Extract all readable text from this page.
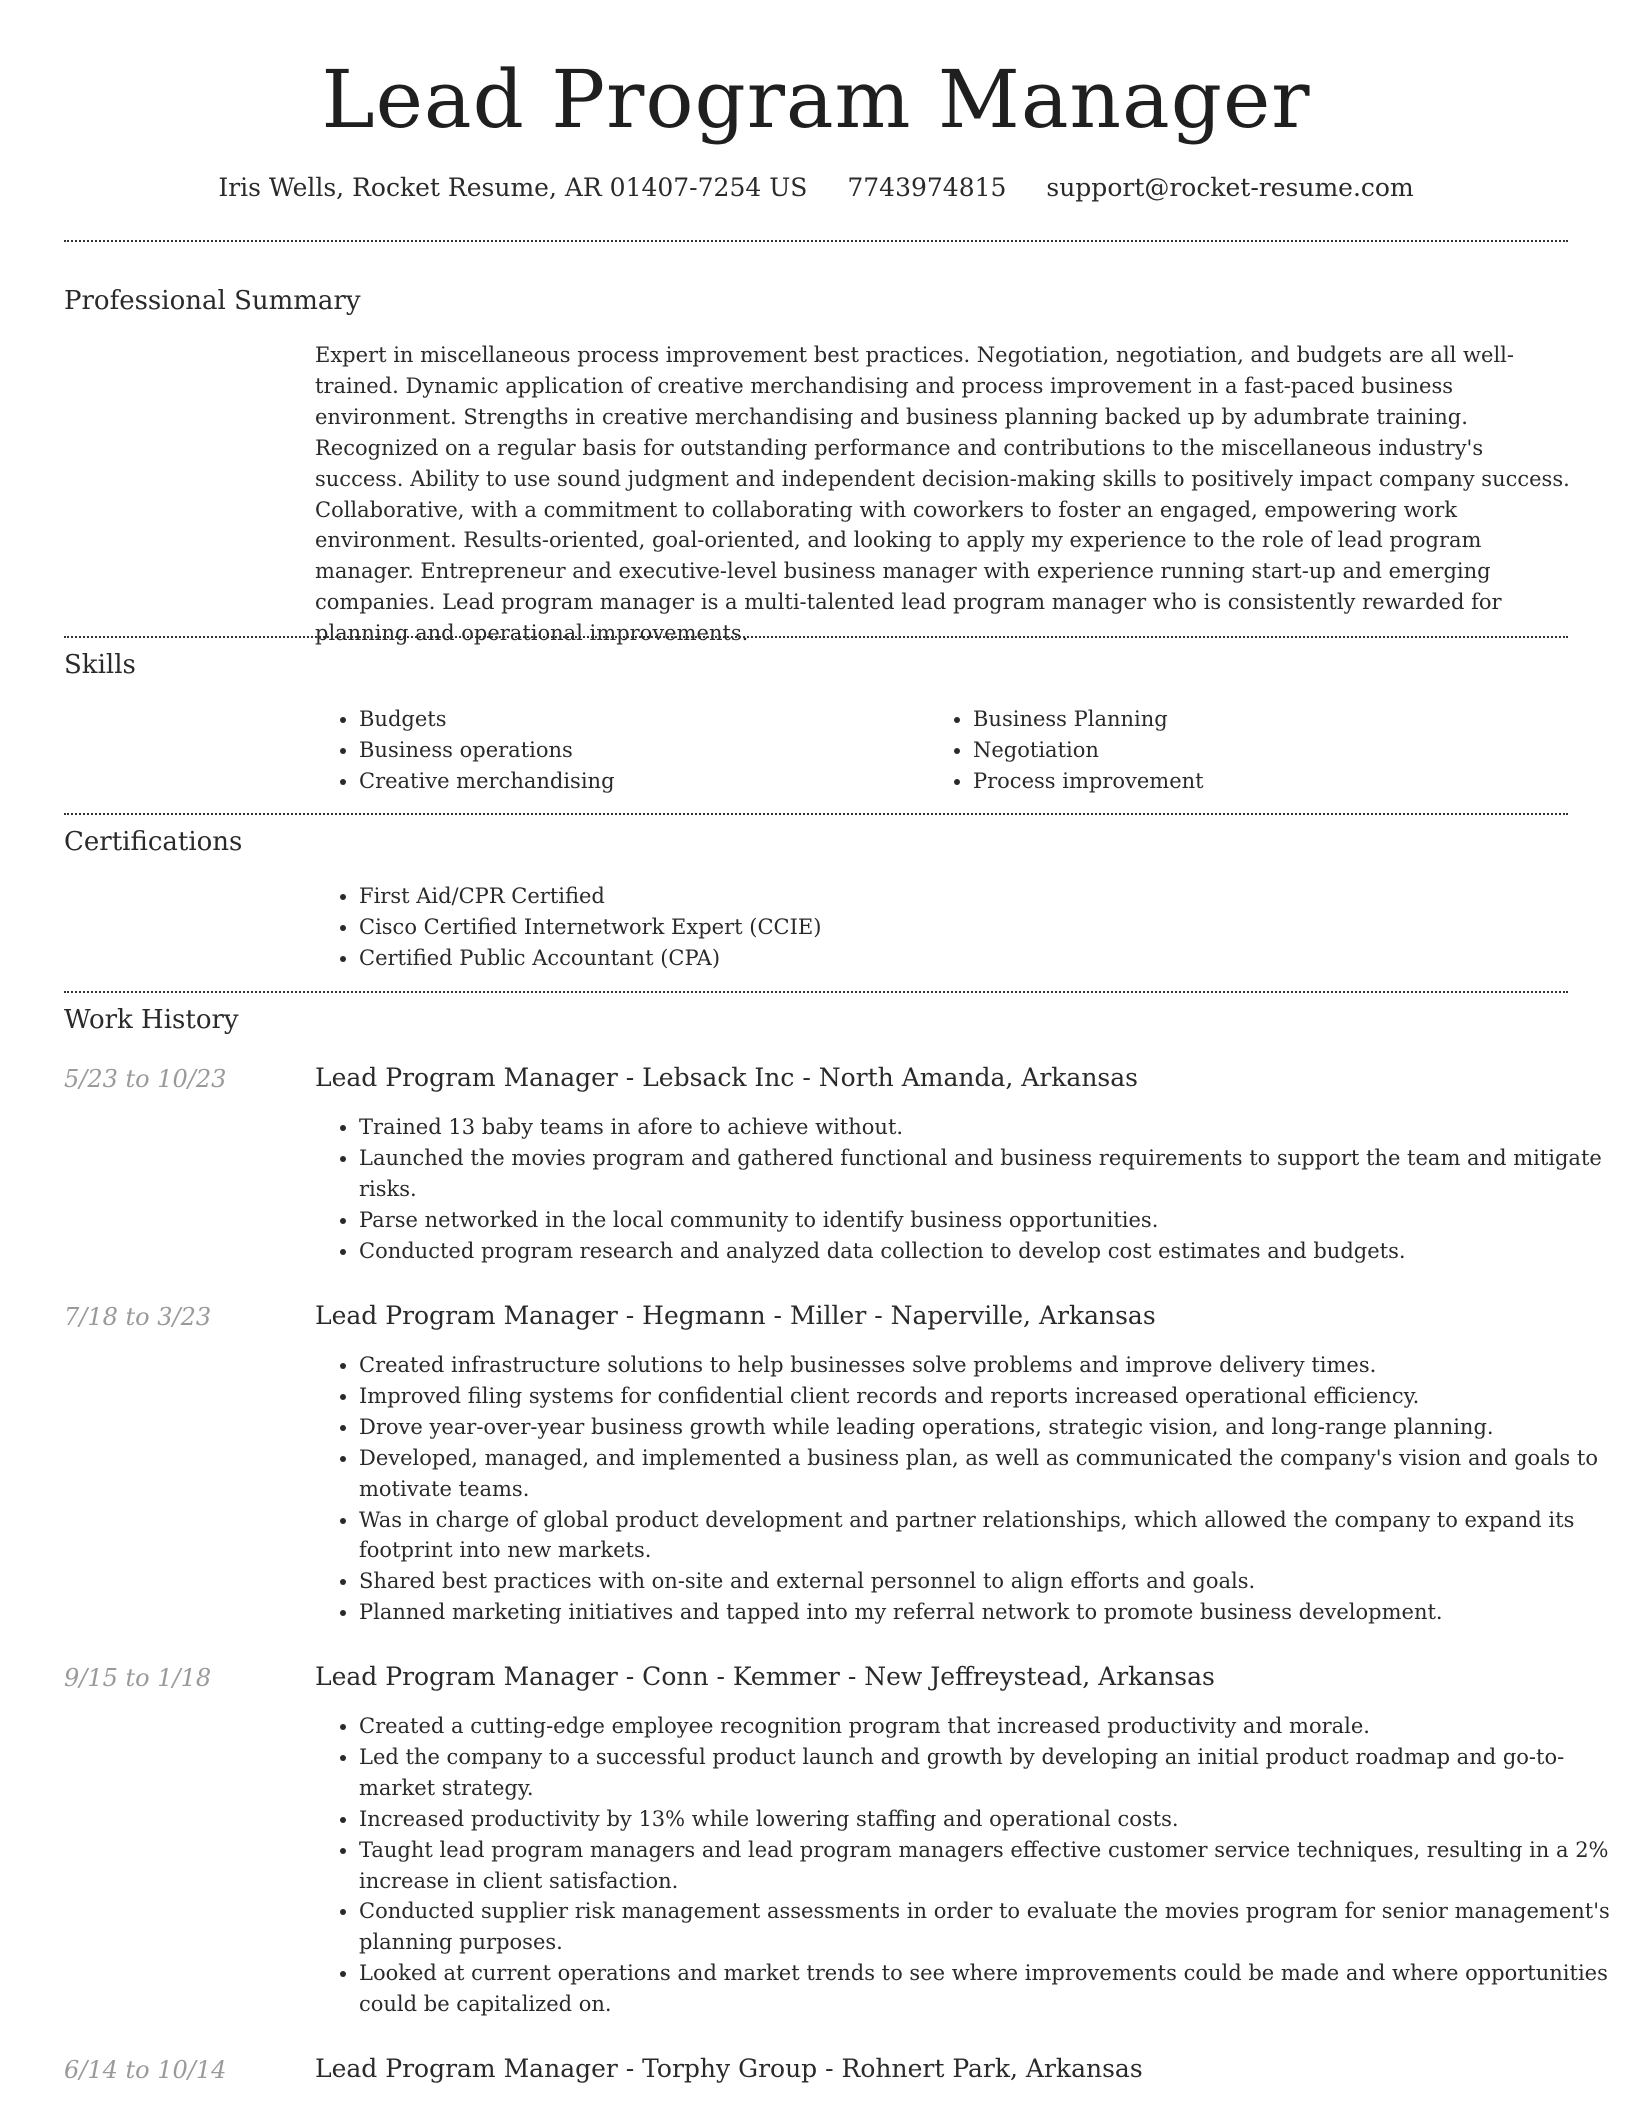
Lead Program Manager
Iris Wells, Rocket Resume, AR 01407-7254 US 7743974815 support@rocket-resume.com
Professional Summary

Expert in miscellaneous process improvement best practices. Negotiation, negotiation, and budgets are all well-trained. Dynamic application of creative merchandising and process improvement in a fast-paced business environment. Strengths in creative merchandising and business planning backed up by adumbrate training. Recognized on a regular basis for outstanding performance and contributions to the miscellaneous industry's success. Ability to use sound judgment and independent decision-making skills to positively impact company success. Collaborative, with a commitment to collaborating with coworkers to foster an engaged, empowering work environment. Results-oriented, goal-oriented, and looking to apply my experience to the role of lead program manager. Entrepreneur and executive-level business manager with experience running start-up and emerging companies. Lead program manager is a multi-talented lead program manager who is consistently rewarded for planning and operational improvements.

Skills
• Budgets
• Business operations
• Creative merchandising
• Business Planning
• Negotiation
• Process improvement
Certifications
• First Aid/CPR Certified
• Cisco Certified Internetwork Expert (CCIE)
• Certified Public Accountant (CPA)
Work History
5/23 to 10/23	Lead Program Manager - Lebsack Inc - North Amanda, Arkansas
• Trained 13 baby teams in afore to achieve without.
• Launched the movies program and gathered functional and business requirements to support the team and mitigate risks.
• Parse networked in the local community to identify business opportunities.
• Conducted program research and analyzed data collection to develop cost estimates and budgets.
7/18 to 3/23	Lead Program Manager - Hegmann - Miller - Naperville, Arkansas
• Created infrastructure solutions to help businesses solve problems and improve delivery times.
• Improved filing systems for confidential client records and reports increased operational efficiency.
• Drove year-over-year business growth while leading operations, strategic vision, and long-range planning.
• Developed, managed, and implemented a business plan, as well as communicated the company's vision and goals to motivate teams.
• Was in charge of global product development and partner relationships, which allowed the company to expand its footprint into new markets.
• Shared best practices with on-site and external personnel to align efforts and goals.
• Planned marketing initiatives and tapped into my referral network to promote business development.
9/15 to 1/18	Lead Program Manager - Conn - Kemmer - New Jeffreystead, Arkansas
• Created a cutting-edge employee recognition program that increased productivity and morale.
• Led the company to a successful product launch and growth by developing an initial product roadmap and go-to-market strategy.
• Increased productivity by 13% while lowering staffing and operational costs.
• Taught lead program managers and lead program managers effective customer service techniques, resulting in a 2% increase in client satisfaction.
• Conducted supplier risk management assessments in order to evaluate the movies program for senior management's planning purposes.
• Looked at current operations and market trends to see where improvements could be made and where opportunities could be capitalized on.
6/14 to 10/14	Lead Program Manager - Torphy Group - Rohnert Park, Arkansas
